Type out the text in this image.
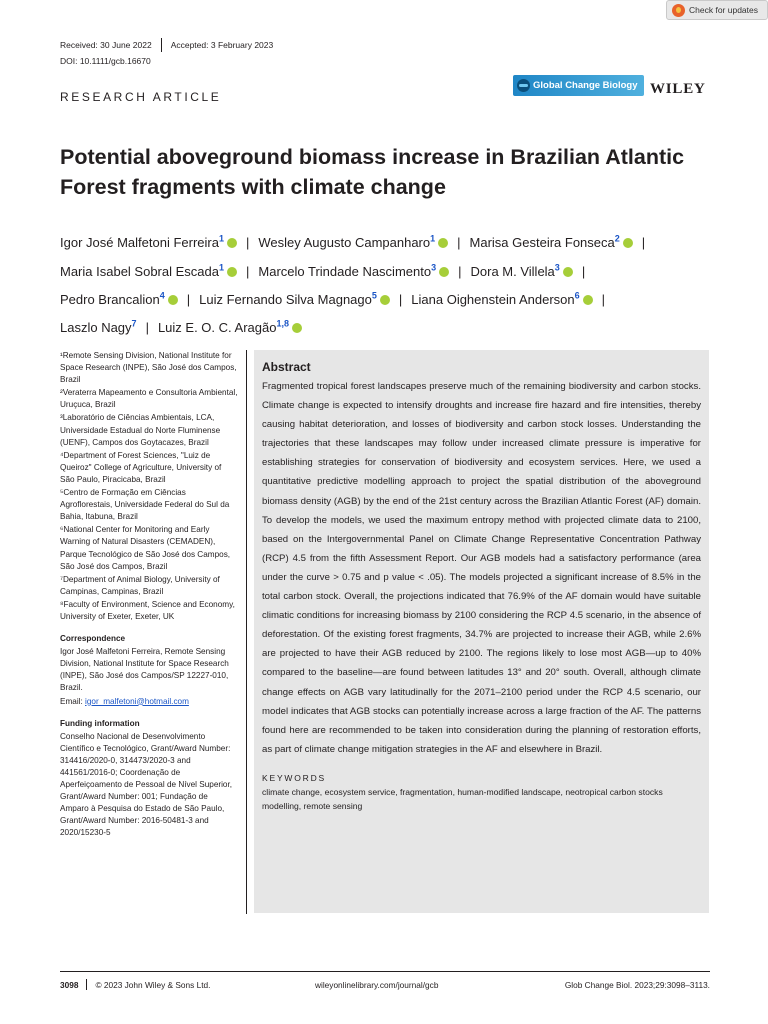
Check for updates
Received: 30 June 2022 Accepted: 3 February 2023
DOI: 10.1111/gcb.16670
RESEARCH ARTICLE
Global Change Biology WILEY
Potential aboveground biomass increase in Brazilian Atlantic Forest fragments with climate change
Igor José Malfetoni Ferreira$^1$ | Wesley Augusto Campanharo$^1$ | Marisa Gesteira Fonseca$^2$ |
Maria Isabel Sobral Escada$^1$ | Marcelo Trindade Nascimento$^3$ | Dora M. Villela$^3$ |
Pedro Brancalion$^4$ | Luiz Fernando Silva Magnago$^5$ | Liana Oighenstein Anderson$^6$ |
Laszlo Nagy$^7$ | Luiz E. O. C. Aragão$^{1,8}$

¹Remote Sensing Division, National Institute for Space Research (INPE), São José dos Campos, Brazil

²Veraterra Mapeamento e Consultoria Ambiental, Uruçuca, Brazil

³Laboratório de Ciências Ambientais, LCA, Universidade Estadual do Norte Fluminense (UENF), Campos dos Goytacazes, Brazil

⁴Department of Forest Sciences, "Luiz de Queiroz" College of Agriculture, University of São Paulo, Piracicaba, Brazil

⁵Centro de Formação em Ciências Agroflorestais, Universidade Federal do Sul da Bahia, Itabuna, Brazil

⁶National Center for Monitoring and Early Warning of Natural Disasters (CEMADEN), Parque Tecnológico de São José dos Campos, São José dos Campos, Brazil

⁷Department of Animal Biology, University of Campinas, Campinas, Brazil

⁸Faculty of Environment, Science and Economy, University of Exeter, Exeter, UK

Correspondence

Igor José Malfetoni Ferreira, Remote Sensing Division, National Institute for Space Research (INPE), São José dos Campos/SP 12227-010, Brazil.

Email: igor_malfetoni@hotmail.com

Funding information

Conselho Nacional de Desenvolvimento Científico e Tecnológico, Grant/Award Number: 314416/2020-0, 314473/2020-3 and 441561/2016-0; Coordenação de Aperfeiçoamento de Pessoal de Nível Superior, Grant/Award Number: 001; Fundação de Amparo à Pesquisa do Estado de São Paulo, Grant/Award Number: 2016-50481-3 and 2020/15230-5

Abstract

Fragmented tropical forest landscapes preserve much of the remaining biodiversity and carbon stocks. Climate change is expected to intensify droughts and increase fire hazard and fire intensities, thereby causing habitat deterioration, and losses of biodiversity and carbon stock losses. Understanding the trajectories that these landscapes may follow under increased climate pressure is imperative for establishing strategies for conservation of biodiversity and ecosystem services. Here, we used a quantitative predictive modelling approach to project the spatial distribution of the aboveground biomass density (AGB) by the end of the 21st century across the Brazilian Atlantic Forest (AF) domain. To develop the models, we used the maximum entropy method with projected climate data to 2100, based on the Intergovernmental Panel on Climate Change Representative Concentration Pathway (RCP) 4.5 from the fifth Assessment Report. Our AGB models had a satisfactory performance (area under the curve > 0.75 and p value < .05). The models projected a significant increase of 8.5% in the total carbon stock. Overall, the projections indicated that 76.9% of the AF domain would have suitable climatic conditions for increasing biomass by 2100 considering the RCP 4.5 scenario, in the absence of deforestation. Of the existing forest fragments, 34.7% are projected to increase their AGB, while 2.6% are projected to have their AGB reduced by 2100. The regions likely to lose most AGB—up to 40% compared to the baseline—are found between latitudes 13° and 20° south. Overall, although climate change effects on AGB vary latitudinally for the 2071–2100 period under the RCP 4.5 scenario, our model indicates that AGB stocks can potentially increase across a large fraction of the AF. The patterns found here are recommended to be taken into consideration during the planning of restoration efforts, as part of climate change mitigation strategies in the AF and elsewhere in Brazil.

KEYWORDS

climate change, ecosystem service, fragmentation, human-modified landscape, neotropical carbon stocks modelling, remote sensing

3098 © 2023 John Wiley & Sons Ltd.	wileyonlinelibrary.com/journal/gcb	Glob Change Biol. 2023;29:3098–3113.
